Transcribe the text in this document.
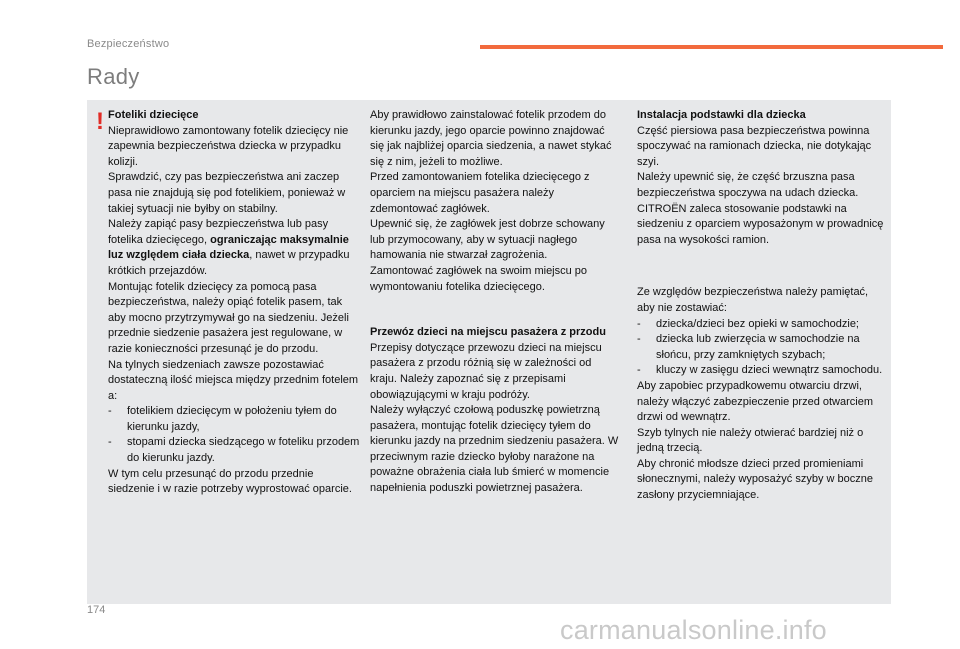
Bezpieczeństwo
Rady
! Foteliki dziecięce

Nieprawidłowo zamontowany fotelik dziecięcy nie zapewnia bezpieczeństwa dziecka w przypadku kolizji.

Sprawdzić, czy pas bezpieczeństwa ani zaczep pasa nie znajdują się pod fotelikiem, ponieważ w takiej sytuacji nie byłby on stabilny.

Należy zapiąć pasy bezpieczeństwa lub pasy fotelika dziecięcego, ograniczając maksymalnie luz względem ciała dziecka, nawet w przypadku krótkich przejazdów.

Montując fotelik dziecięcy za pomocą pasa bezpieczeństwa, należy opiąć fotelik pasem, tak aby mocno przytrzymywał go na siedzeniu. Jeżeli przednie siedzenie pasażera jest regulowane, w razie konieczności przesunąć je do przodu.

Na tylnych siedzeniach zawsze pozostawiać dostateczną ilość miejsca między przednim fotelem a:

-	fotelikiem dziecięcym w położeniu tyłem do kierunku jazdy,
-	stopami dziecka siedzącego w foteliku przodem do kierunku jazdy.

W tym celu przesunąć do przodu przednie siedzenie i w razie potrzeby wyprostować oparcie.

Aby prawidłowo zainstalować fotelik przodem do kierunku jazdy, jego oparcie powinno znajdować się jak najbliżej oparcia siedzenia, a nawet stykać się z nim, jeżeli to możliwe.

Przed zamontowaniem fotelika dziecięcego z oparciem na miejscu pasażera należy zdemontować zagłówek.

Upewnić się, że zagłówek jest dobrze schowany lub przymocowany, aby w sytuacji nagłego hamowania nie stwarzał zagrożenia.

Zamontować zagłówek na swoim miejscu po wymontowaniu fotelika dziecięcego.

Przewóz dzieci na miejscu pasażera z przodu

Przepisy dotyczące przewozu dzieci na miejscu pasażera z przodu różnią się w zależności od kraju. Należy zapoznać się z przepisami obowiązującymi w kraju podróży.

Należy wyłączyć czołową poduszkę powietrzną pasażera, montując fotelik dziecięcy tyłem do kierunku jazdy na przednim siedzeniu pasażera. W przeciwnym razie dziecko byłoby narażone na poważne obrażenia ciała lub śmierć w momencie napełnienia poduszki powietrznej pasażera.

Instalacja podstawki dla dziecka

Część piersiowa pasa bezpieczeństwa powinna spoczywać na ramionach dziecka, nie dotykając szyi.

Należy upewnić się, że część brzuszna pasa bezpieczeństwa spoczywa na udach dziecka.

CITROËN zaleca stosowanie podstawki na siedzeniu z oparciem wyposażonym w prowadnicę pasa na wysokości ramion.

Ze względów bezpieczeństwa należy pamiętać, aby nie zostawiać:

-	dziecka/dzieci bez opieki w samochodzie;
-	dziecka lub zwierzęcia w samochodzie na słońcu, przy zamkniętych szybach;
-	kluczy w zasięgu dzieci wewnątrz samochodu.

Aby zapobiec przypadkowemu otwarciu drzwi, należy włączyć zabezpieczenie przed otwarciem drzwi od wewnątrz.

Szyb tylnych nie należy otwierać bardziej niż o jedną trzecią.

Aby chronić młodsze dzieci przed promieniami słonecznymi, należy wyposażyć szyby w boczne zasłony przyciemniające.

174
carmanualsonline.info
